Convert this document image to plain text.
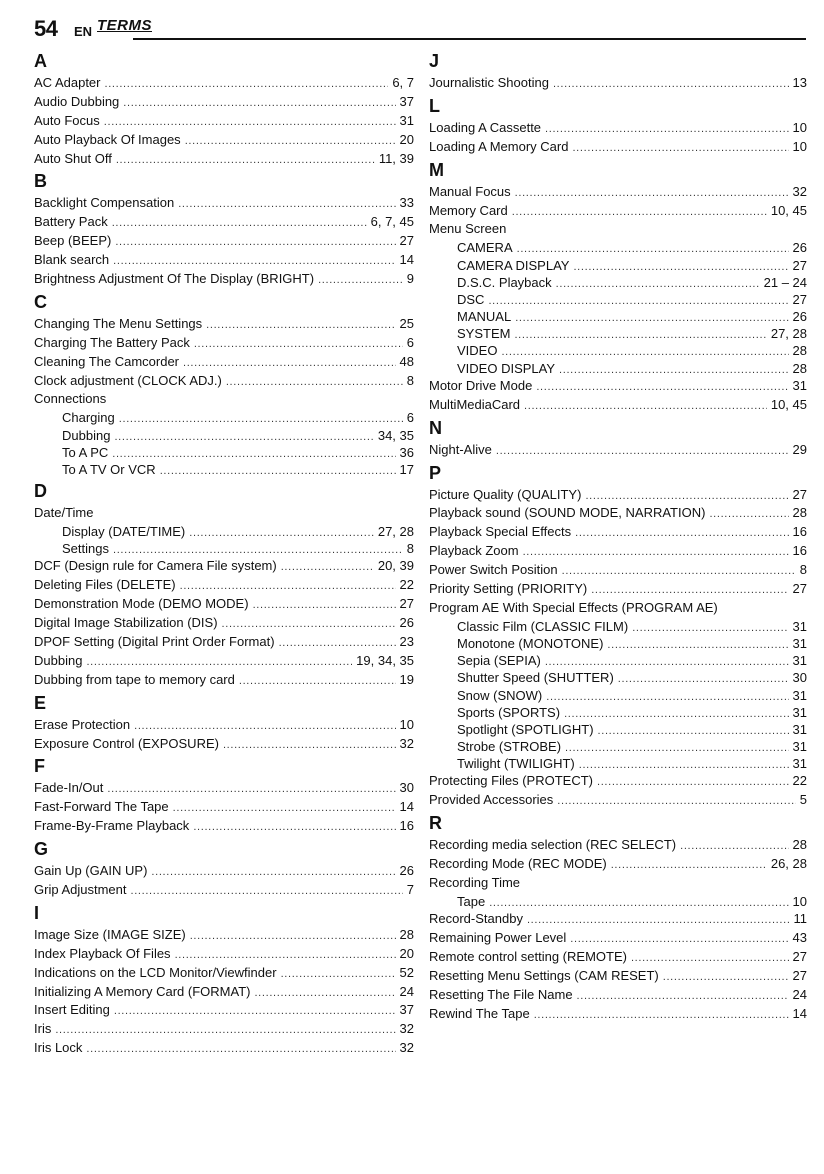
54 EN TERMS
A
AC Adapter . . .	6, 7
Audio Dubbing . . .	37
Auto Focus . . .	31
Auto Playback Of Images . . .	20
Auto Shut Off . . .	11, 39
B
Backlight Compensation . . .	33
Battery Pack . . .	6, 7, 45
Beep (BEEP) . . .	27
Blank search . . .	14
Brightness Adjustment Of The Display (BRIGHT) . . .	9
C
Changing The Menu Settings . . .	25
Charging The Battery Pack . . .	6
Cleaning The Camcorder . . .	48
Clock adjustment (CLOCK ADJ.) . . .	8
Connections
Charging . . .	6
Dubbing . . .	34, 35
To A PC . . .	36
To A TV Or VCR . . .	17
D
Date/Time
Display (DATE/TIME) . . .	27, 28
Settings . . .	8
DCF (Design rule for Camera File system) . . .	20, 39
Deleting Files (DELETE) . . .	22
Demonstration Mode (DEMO MODE) . . .	27
Digital Image Stabilization (DIS) . . .	26
DPOF Setting (Digital Print Order Format) . . .	23
Dubbing . . .	19, 34, 35
Dubbing from tape to memory card . . .	19
E
Erase Protection . . .	10
Exposure Control (EXPOSURE) . . .	32
F
Fade-In/Out . . .	30
Fast-Forward The Tape . . .	14
Frame-By-Frame Playback . . .	16
G
Gain Up (GAIN UP) . . .	26
Grip Adjustment . . .	7
I
Image Size (IMAGE SIZE) . . .	28
Index Playback Of Files . . .	20
Indications on the LCD Monitor/Viewfinder . . .	52
Initializing A Memory Card (FORMAT) . . .	24
Insert Editing . . .	37
Iris . . .	32
Iris Lock . . .	32
J
Journalistic Shooting . . .	13
L
Loading A Cassette . . .	10
Loading A Memory Card . . .	10
M
Manual Focus . . .	32
Memory Card . . .	10, 45
Menu Screen
CAMERA . . .	26
CAMERA DISPLAY . . .	27
D.S.C. Playback . . .	21 – 24
DSC . . .	27
MANUAL . . .	26
SYSTEM . . .	27, 28
VIDEO . . .	28
VIDEO DISPLAY . . .	28
Motor Drive Mode . . .	31
MultiMediaCard . . .	10, 45
N
Night-Alive . . .	29
P
Picture Quality (QUALITY) . . .	27
Playback sound (SOUND MODE, NARRATION) . . .	28
Playback Special Effects . . .	16
Playback Zoom . . .	16
Power Switch Position . . .	8
Priority Setting (PRIORITY) . . .	27
Program AE With Special Effects (PROGRAM AE)
Classic Film (CLASSIC FILM) . . .	31
Monotone (MONOTONE) . . .	31
Sepia (SEPIA) . . .	31
Shutter Speed (SHUTTER) . . .	30
Snow (SNOW) . . .	31
Sports (SPORTS) . . .	31
Spotlight (SPOTLIGHT) . . .	31
Strobe (STROBE) . . .	31
Twilight (TWILIGHT) . . .	31
Protecting Files (PROTECT) . . .	22
Provided Accessories . . .	5
R
Recording media selection (REC SELECT) . . .	28
Recording Mode (REC MODE) . . .	26, 28
Recording Time
Tape . . .	10
Record-Standby . . .	11
Remaining Power Level . . .	43
Remote control setting (REMOTE) . . .	27
Resetting Menu Settings (CAM RESET) . . .	27
Resetting The File Name . . .	24
Rewind The Tape . . .	14
